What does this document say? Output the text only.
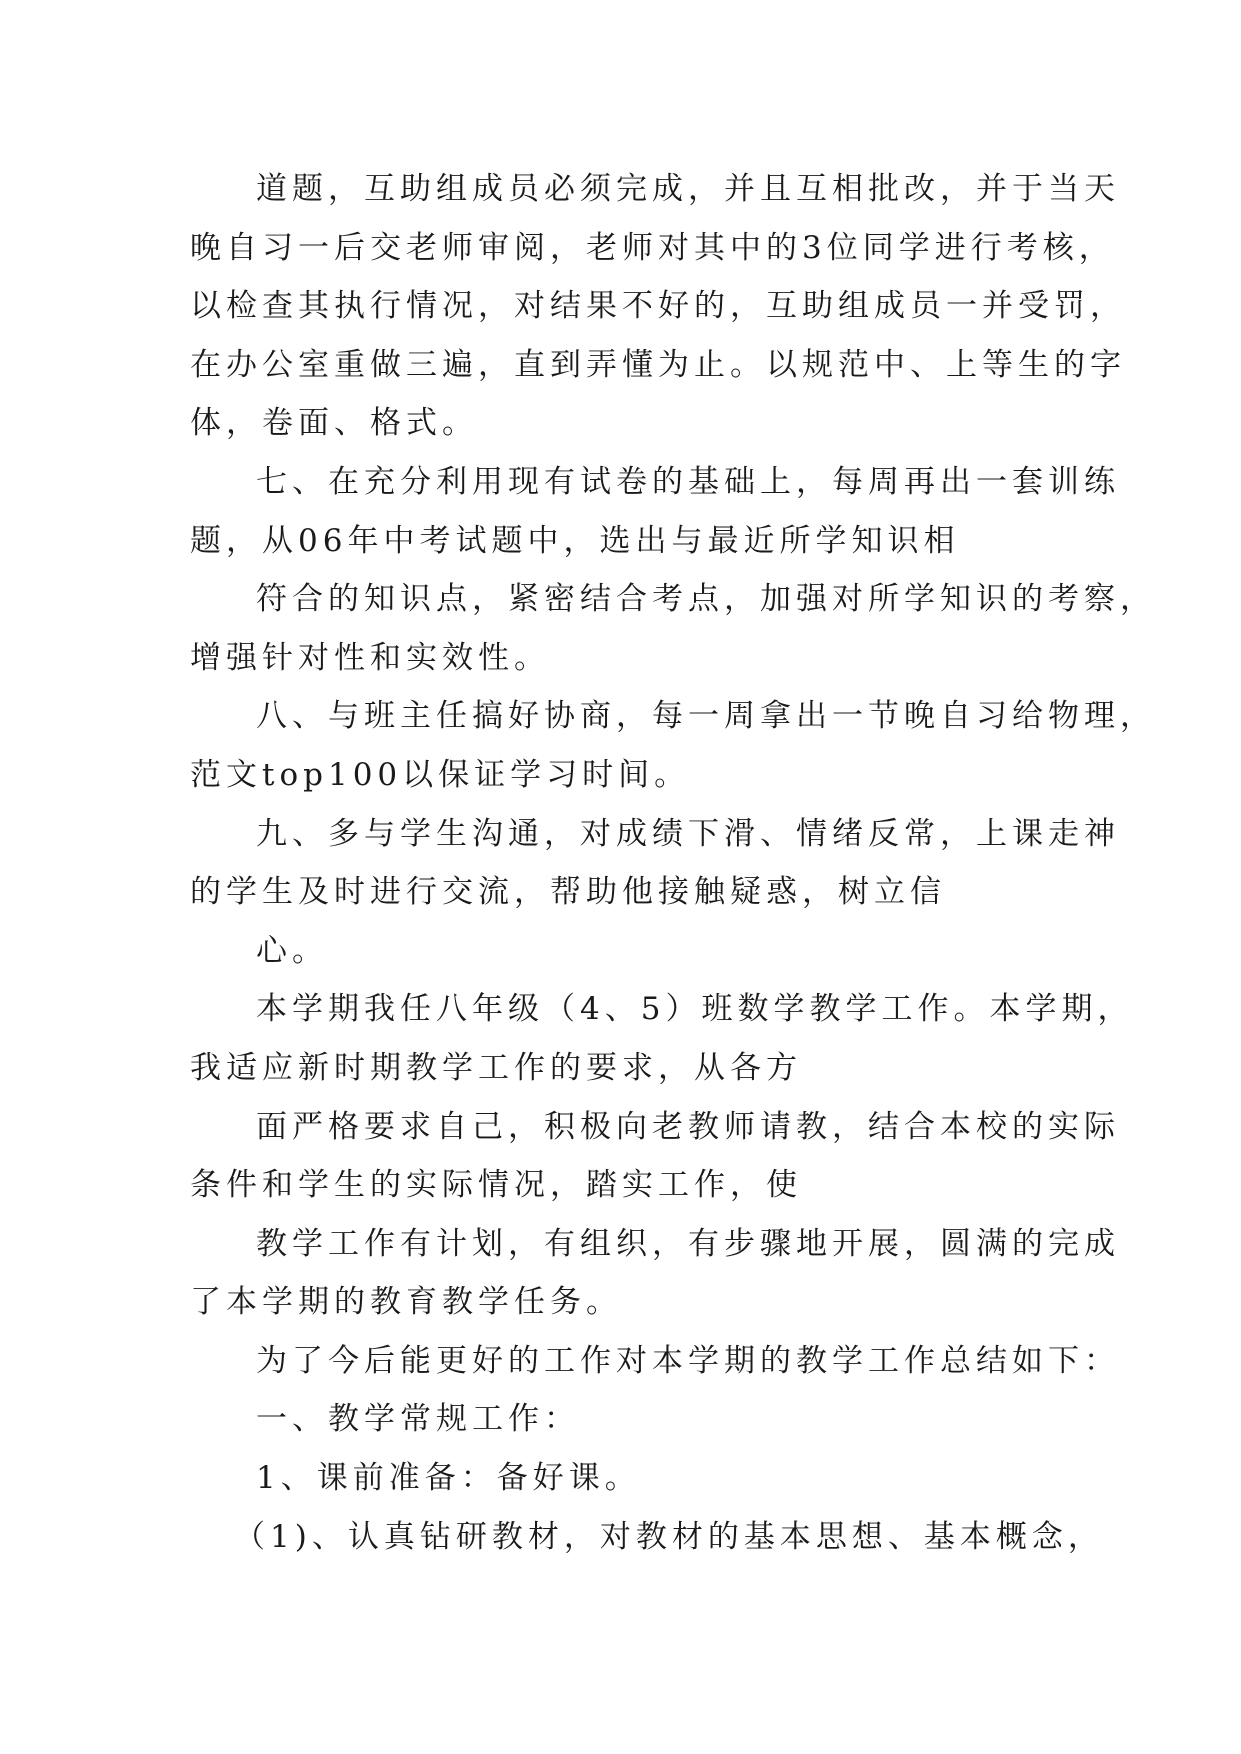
道题，互助组成员必须完成，并且互相批改，并于当天
晚自习一后交老师审阅，老师对其中的3位同学进行考核，
以检查其执行情况，对结果不好的，互助组成员一并受罚，
在办公室重做三遍，直到弄懂为止。以规范中、上等生的字
体，卷面、格式。
七、在充分利用现有试卷的基础上，每周再出一套训练
题，从06年中考试题中，选出与最近所学知识相
符合的知识点，紧密结合考点，加强对所学知识的考察，
增强针对性和实效性。
八、与班主任搞好协商，每一周拿出一节晚自习给物理，
范文top100以保证学习时间。
九、多与学生沟通，对成绩下滑、情绪反常，上课走神
的学生及时进行交流，帮助他接触疑惑，树立信
心。
本学期我任八年级（4、5）班数学教学工作。本学期，
我适应新时期教学工作的要求，从各方
面严格要求自己，积极向老教师请教，结合本校的实际
条件和学生的实际情况，踏实工作，使
教学工作有计划，有组织，有步骤地开展，圆满的完成
了本学期的教育教学任务。
为了今后能更好的工作对本学期的教学工作总结如下：
一、教学常规工作：
1、课前准备：备好课。
（1)、认真钻研教材，对教材的基本思想、基本概念，
